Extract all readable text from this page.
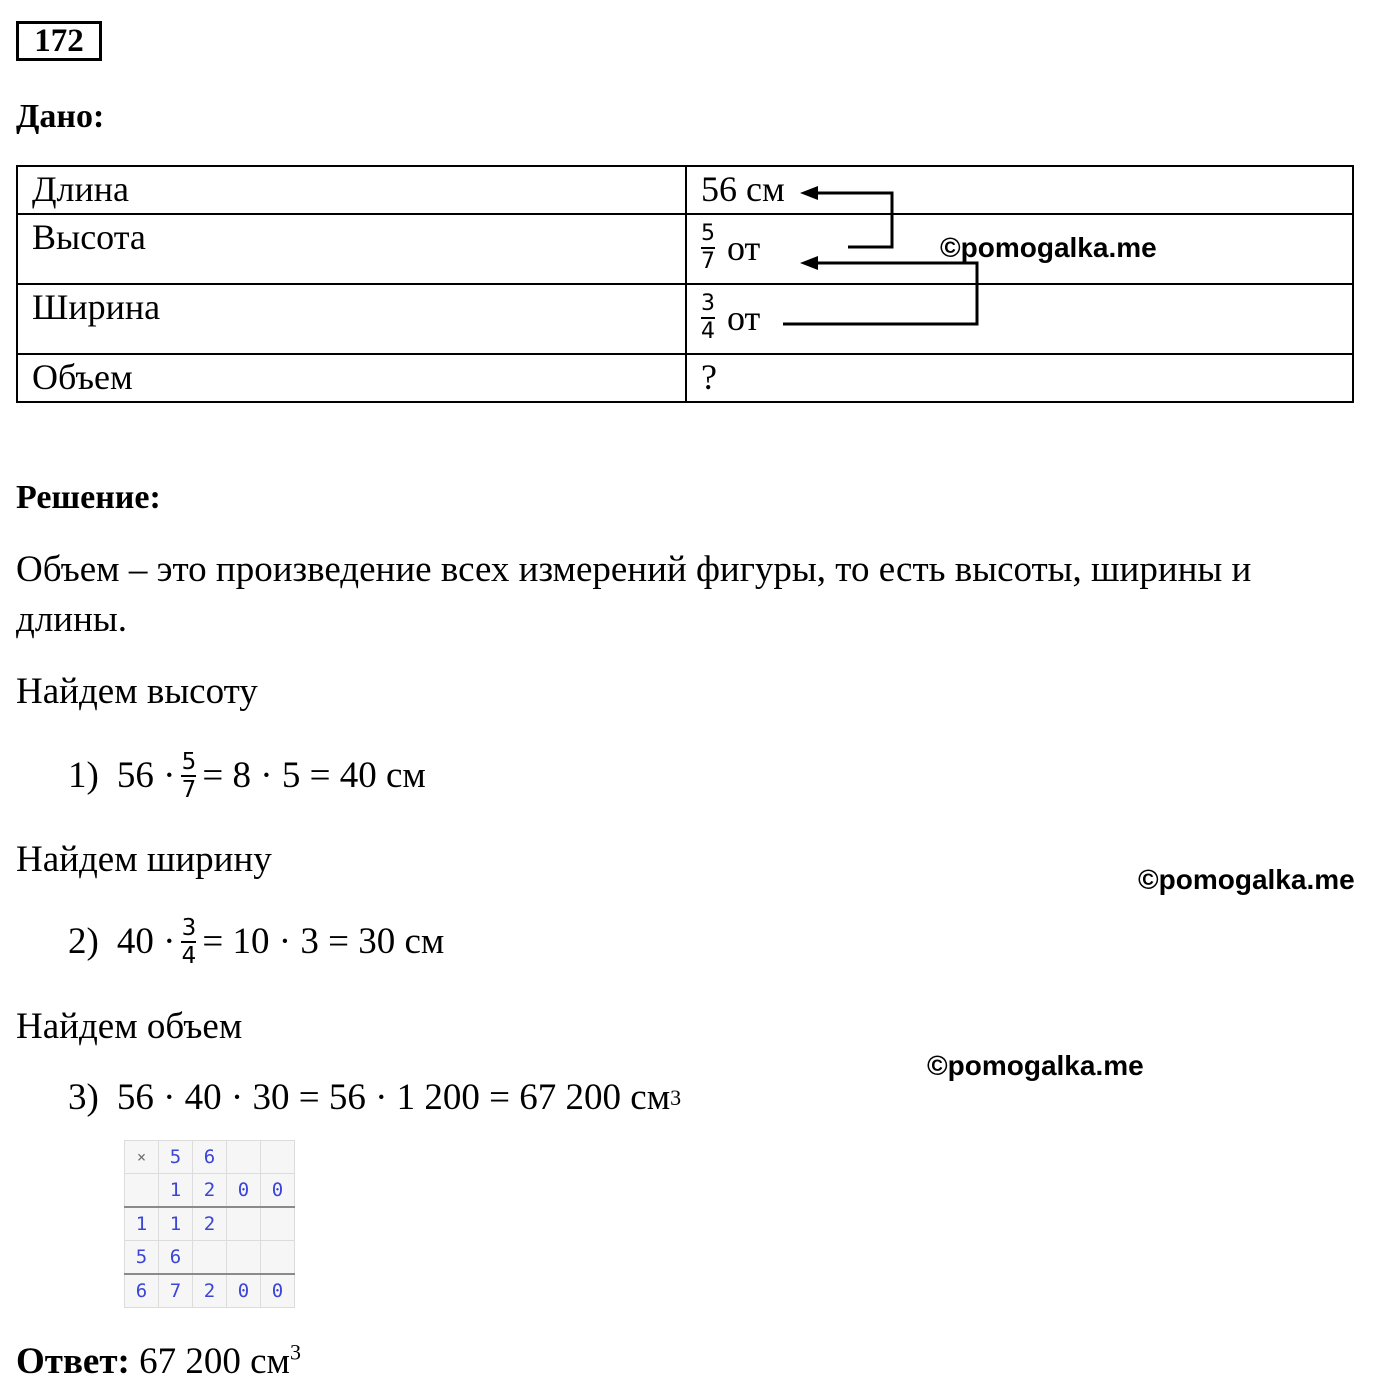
172
Дано:
Длина	56 см
Высота	$\frac{5}{7}$ от

Ширина	$\frac{3}{4}$ от

Объем	?
©pomogalka.me
Решение:
Объем – это произведение всех измерений фигуры, то есть высоты, ширины и длины.
Найдем высоту
1) $56 \cdot \frac{5}{7} = 8 \cdot 5 = 40$ см
Найдем ширину	©pomogalka.me
2) $40 \cdot \frac{3}{4} = 10 \cdot 3 = 30$ см
Найдем объем
©pomogalka.me
3) 56 · 40 · 30 = 56 · 1 200 = 67 200 см 3
×	5	6		
	1	2	0	0
1	1	2		
5	6			
6	7	2	0	0
Ответ: 67 200 $см^3$
